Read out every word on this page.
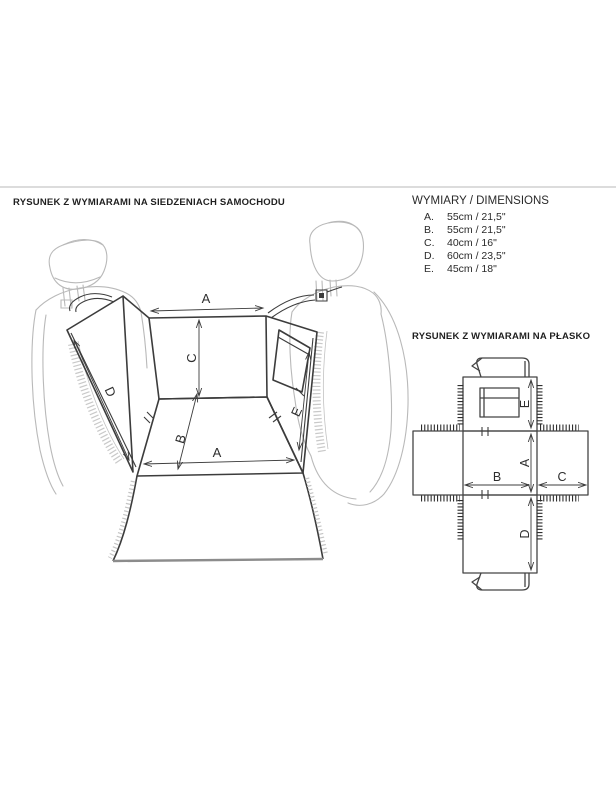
RYSUNEK Z WYMIARAMI NA SIEDZENIACH SAMOCHODU	WYMIARY / DIMENSIONS
A. 55cm / 21,5"
B. 55cm / 21,5"
C. 40cm / 16"
D. 60cm / 23,5"
E. 45cm / 18"
RYSUNEK Z WYMIARAMI NA PŁASKO
D
A
C
E
B
A
E
A
B	C
D
